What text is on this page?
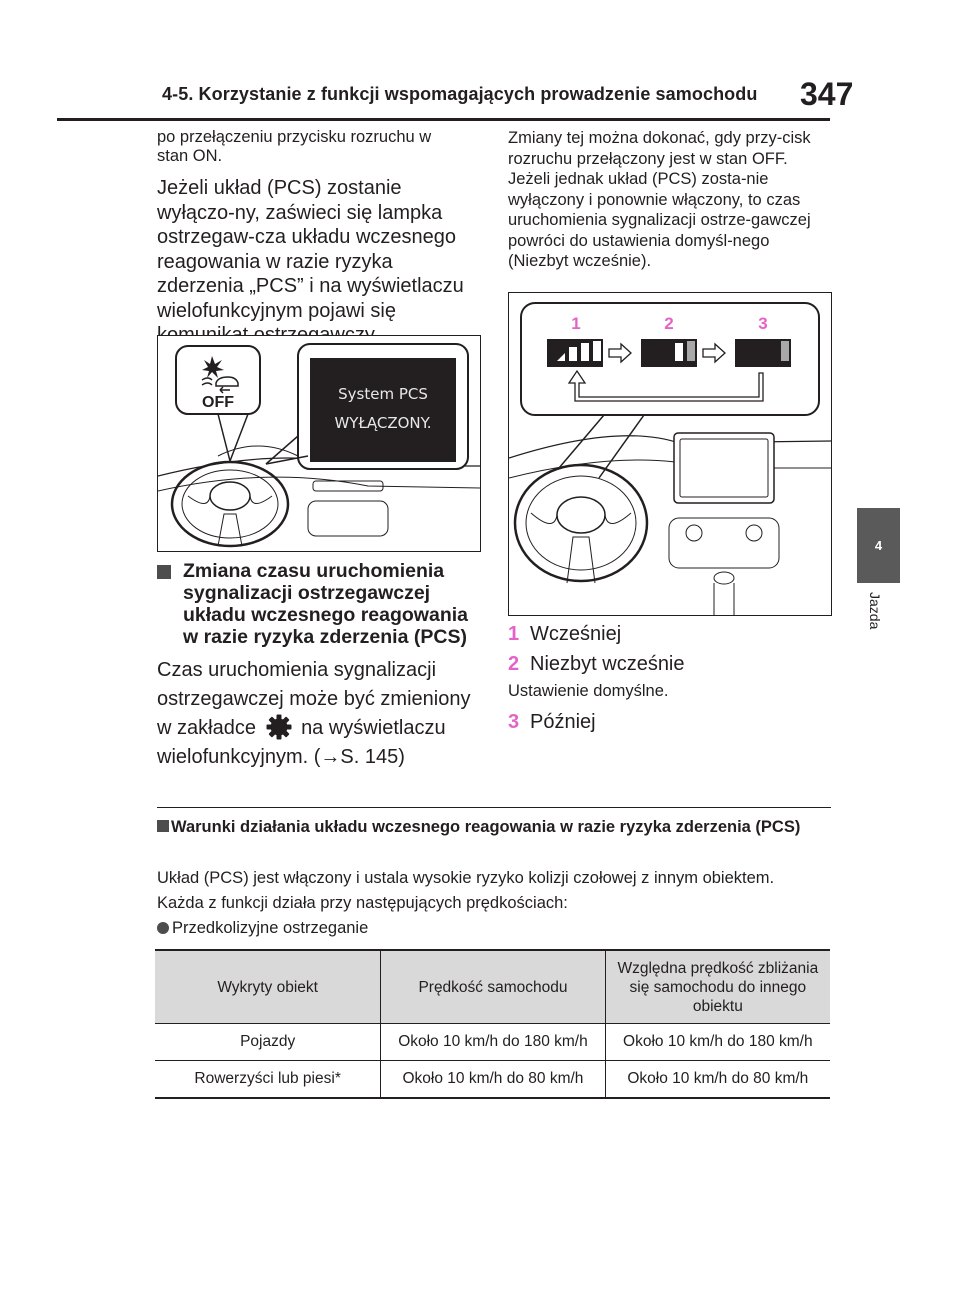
4-5. Korzystanie z funkcji wspomagających prowadzenie samochodu 347
4
Jazda

po przełączeniu przycisku rozruchu w stan ON.

Jeżeli układ (PCS) zostanie wyłączo-ny, zaświeci się lampka ostrzegaw-cza układu wczesnego reagowania w razie ryzyka zderzenia „PCS” i na wyświetlaczu wielofunkcyjnym pojawi się

OFF	System PCS
WYŁĄCZONY.

Zmiana czasu uruchomienia sygnalizacji ostrzegawczej układu wczesnego reagowania w razie ryzyka zderzenia (PCS)

Czas uruchomienia sygnalizacji
ostrzegawczej może być zmieniony
w zakładce na wyświetlaczu
wielofunkcyjnym. (→S. 145)

Zmiany tej można dokonać, gdy przy-cisk rozruchu przełączony jest w stan OFF. Jeżeli jednak układ (PCS) zosta-nie wyłączony i ponownie włączony, to czas uruchomienia sygnalizacji ostrze-gawczej powróci do ustawienia domyśl-nego (Niezbyt wcześnie).

1	2	3
1 Wcześniej
2 Niezbyt wcześnie
Ustawienie domyślne.
3 Później
Warunki działania układu wczesnego reagowania w razie ryzyka zderzenia (PCS)
Układ (PCS) jest włączony i ustala wysokie ryzyko kolizji czołowej z innym obiektem.
Każda z funkcji działa przy następujących prędkościach:
Przedkolizyjne ostrzeganie
Wykryty obiekt	Prędkość samochodu	Względna prędkość zbliżania się samochodu do innego obiektu
Pojazdy	Około 10 km/h do 180 km/h	Około 10 km/h do 180 km/h
Rowerzyści lub piesi*	Około 10 km/h do 80 km/h	Około 10 km/h do 80 km/h
